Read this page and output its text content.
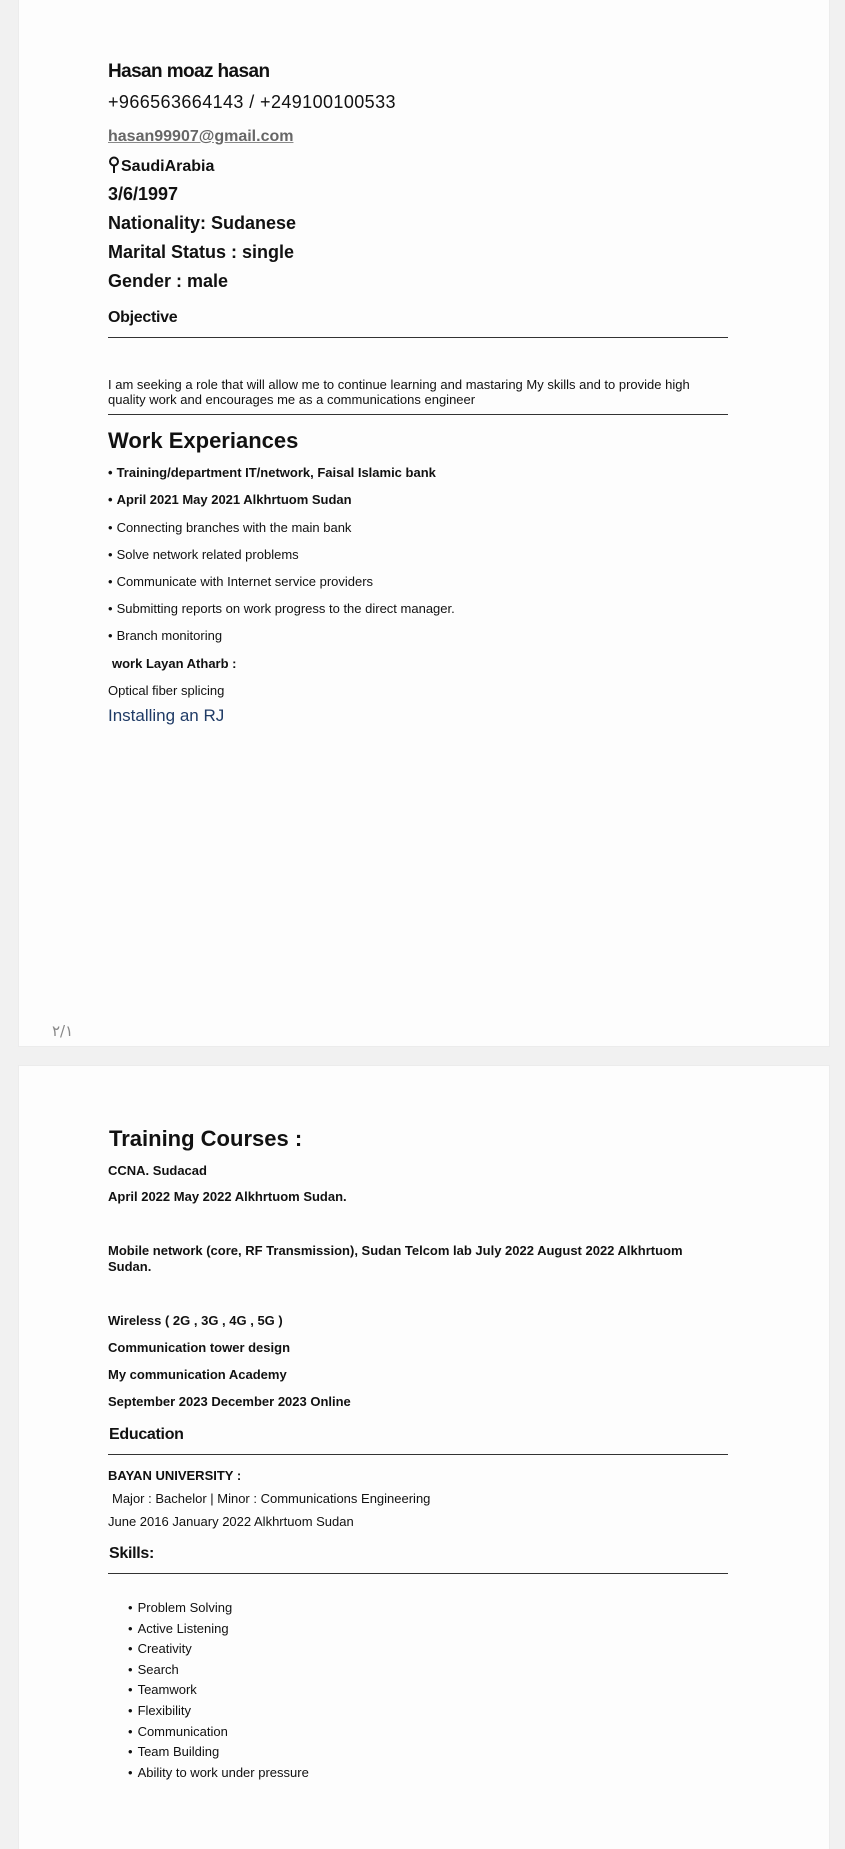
Hasan moaz hasan
+966563664143 / +249100100533
hasan99907@gmail.com
SaudiArabia
3/6/1997
Nationality: Sudanese
Marital Status : single
Gender : male
Objective
I am seeking a role that will allow me to continue learning and mastaring My skills and to provide high quality work and encourages me as a communications engineer
Work Experiances
• Training/department IT/network, Faisal Islamic bank
• April 2021 May 2021 Alkhrtuom Sudan
• Connecting branches with the main bank
• Solve network related problems
• Communicate with Internet service providers
• Submitting reports on work progress to the direct manager.
• Branch monitoring
work Layan Atharb :
Optical fiber splicing
Installing an RJ
٢/١
Training Courses :
CCNA. Sudacad
April 2022 May 2022 Alkhrtuom Sudan.
Mobile network (core, RF Transmission), Sudan Telcom lab July 2022 August 2022 Alkhrtuom Sudan.
Wireless ( 2G , 3G , 4G , 5G )
Communication tower design
My communication Academy
September 2023 December 2023 Online
Education
BAYAN UNIVERSITY :
Major : Bachelor | Minor : Communications Engineering
June 2016 January 2022 Alkhrtuom Sudan
Skills:
• Problem Solving
• Active Listening
• Creativity
• Search
• Teamwork
• Flexibility
• Communication
• Team Building
• Ability to work under pressure
